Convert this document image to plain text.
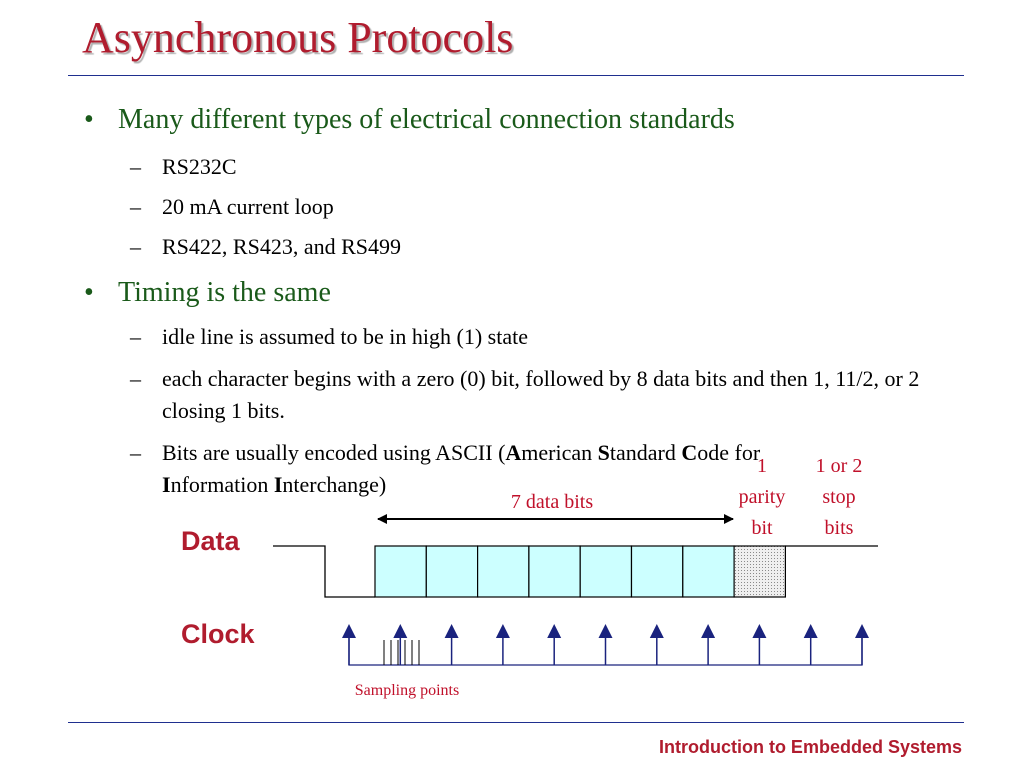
Asynchronous Protocols
• Many different types of electrical connection standards
– RS232C
– 20 mA current loop
– RS422, RS423, and RS499
• Timing is the same
– idle line is assumed to be in high (1) state
– each character begins with a zero (0) bit, followed by 8 data bits and then 1, 11/2, or 2 closing 1 bits.
– Bits are usually encoded using ASCII (American Standard Code for
Information Interchange)
Data
Clock
7 data bits
1
parity
bit
1 or 2
stop
bits
Sampling points
Introduction to Embedded Systems
